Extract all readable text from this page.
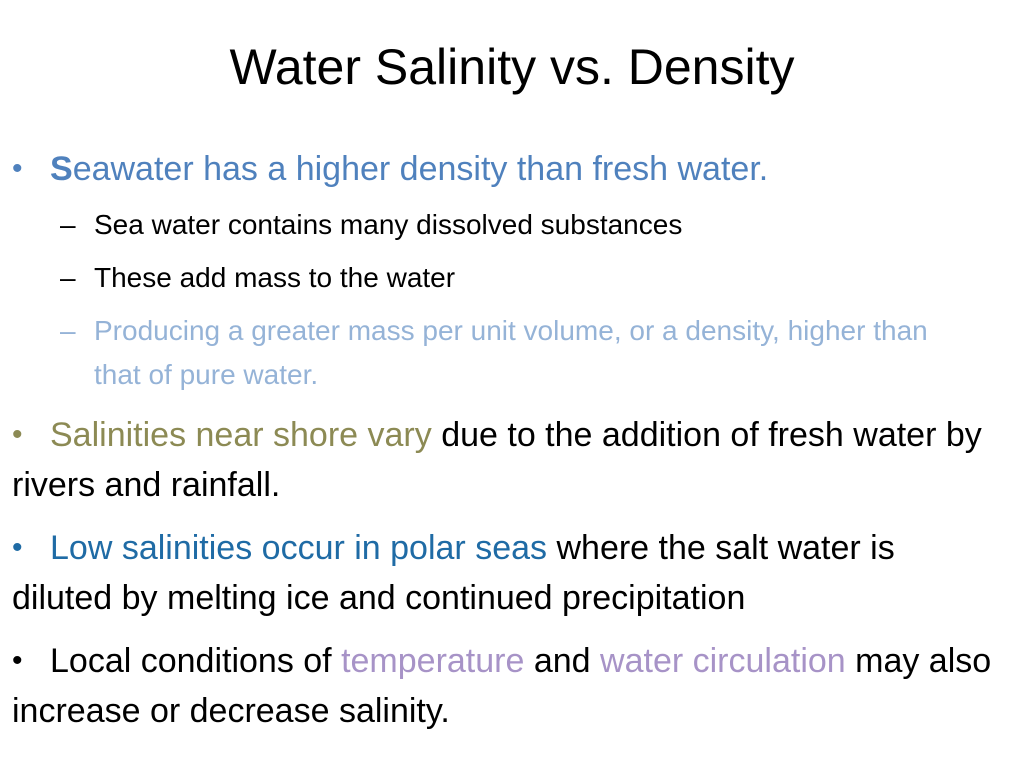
Water Salinity vs. Density
• Seawater has a higher density than fresh water.
– Sea water contains many dissolved substances
– These add mass to the water
– Producing a greater mass per unit volume, or a density, higher than that of pure water.
• Salinities near shore vary due to the addition of fresh water by rivers and rainfall.
• Low salinities occur in polar seas where the salt water is diluted by melting ice and continued precipitation
• Local conditions of temperature and water circulation may also increase or decrease salinity.
